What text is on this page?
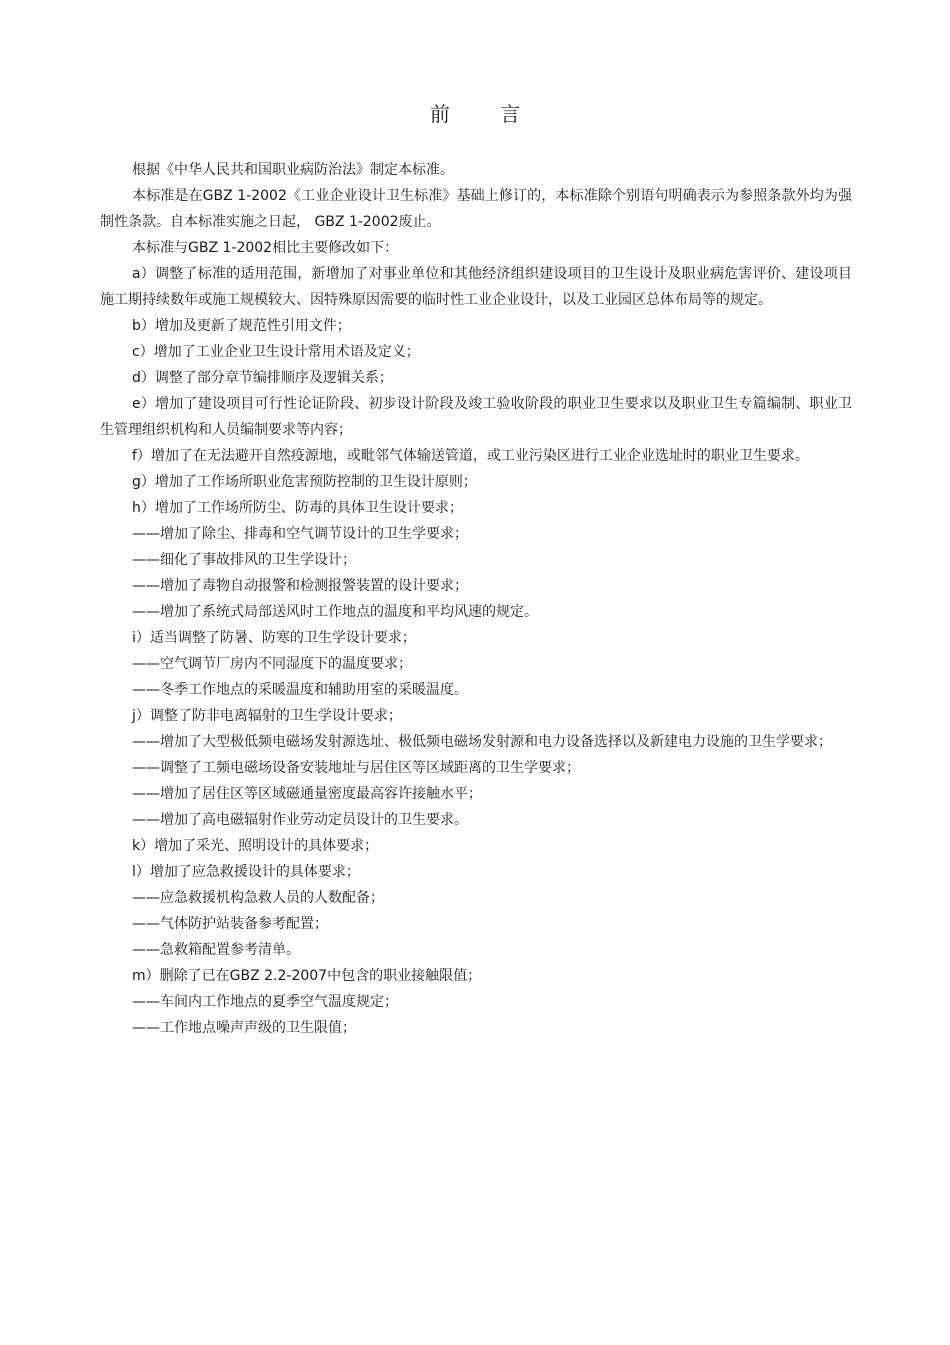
前 言

根据《中华人民共和国职业病防治法》制定本标准。

本标准是在GBZ 1-2002《工业企业设计卫生标准》基础上修订的，本标准除个别语句明确表示为参照条款外均为强制性条款。自本标准实施之日起， GBZ 1-2002废止。

本标准与GBZ 1-2002相比主要修改如下：

a）调整了标准的适用范围，新增加了对事业单位和其他经济组织建设项目的卫生设计及职业病危害评价、建设项目施工期持续数年或施工规模较大、因特殊原因需要的临时性工业企业设计，以及工业园区总体布局等的规定。

b）增加及更新了规范性引用文件；

c）增加了工业企业卫生设计常用术语及定义；

d）调整了部分章节编排顺序及逻辑关系；

e）增加了建设项目可行性论证阶段、初步设计阶段及竣工验收阶段的职业卫生要求以及职业卫生专篇编制、职业卫生管理组织机构和人员编制要求等内容；

f）增加了在无法避开自然疫源地，或毗邻气体输送管道，或工业污染区进行工业企业选址时的职业卫生要求。

g）增加了工作场所职业危害预防控制的卫生设计原则；

h）增加了工作场所防尘、防毒的具体卫生设计要求；

——增加了除尘、排毒和空气调节设计的卫生学要求；

——细化了事故排风的卫生学设计；

——增加了毒物自动报警和检测报警装置的设计要求；

——增加了系统式局部送风时工作地点的温度和平均风速的规定。

i）适当调整了防暑、防寒的卫生学设计要求；

——空气调节厂房内不同湿度下的温度要求；

——冬季工作地点的采暖温度和辅助用室的采暖温度。

j）调整了防非电离辐射的卫生学设计要求；

——增加了大型极低频电磁场发射源选址、极低频电磁场发射源和电力设备选择以及新建电力设施的卫生学要求；

——调整了工频电磁场设备安装地址与居住区等区域距离的卫生学要求；

——增加了居住区等区域磁通量密度最高容许接触水平；

——增加了高电磁辐射作业劳动定员设计的卫生要求。

k）增加了采光、照明设计的具体要求；

l）增加了应急救援设计的具体要求；

——应急救援机构急救人员的人数配备；

——气体防护站装备参考配置；

——急救箱配置参考清单。

m）删除了已在GBZ 2.2-2007中包含的职业接触限值；

——车间内工作地点的夏季空气温度规定；

——工作地点噪声声级的卫生限值；
